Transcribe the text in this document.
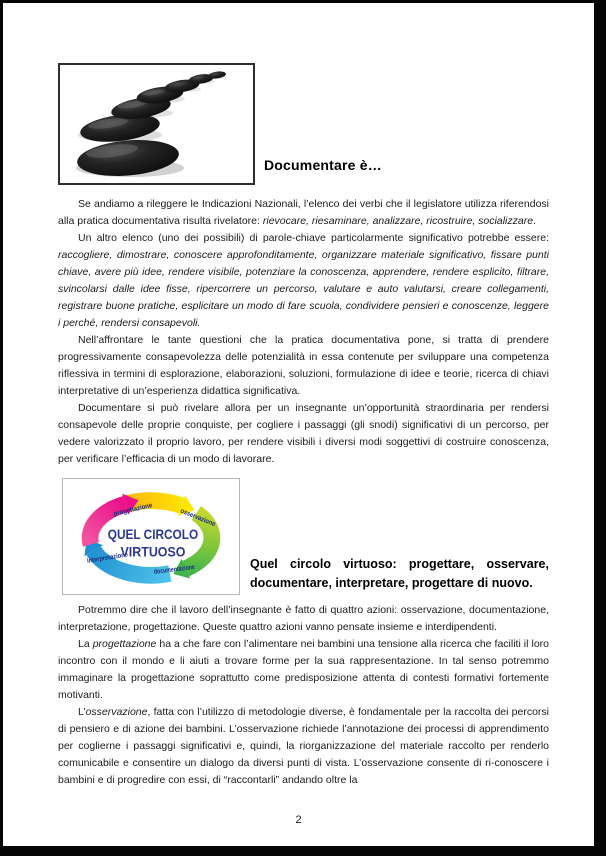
Documentare è…

Se andiamo a rileggere le Indicazioni Nazionali, l’elenco dei verbi che il legislatore utilizza riferendosi alla pratica documentativa risulta rivelatore: rievocare, riesaminare, analizzare, ricostruire, socializzare.

Un altro elenco (uno dei possibili) di parole-chiave particolarmente significativo potrebbe essere: raccogliere, dimostrare, conoscere approfonditamente, organizzare materiale significativo, fissare punti chiave, avere più idee, rendere visibile, potenziare la conoscenza, apprendere, rendere esplicito, filtrare, svincolarsi dalle idee fisse, ripercorrere un percorso, valutare e auto valutarsi, creare collegamenti, registrare buone pratiche, esplicitare un modo di fare scuola, condividere pensieri e conoscenze, leggere i perché, rendersi consapevoli.

Nell’affrontare le tante questioni che la pratica documentativa pone, si tratta di prendere progressivamente consapevolezza delle potenzialità in essa contenute per sviluppare una competenza riflessiva in termini di esplorazione, elaborazioni, soluzioni, formulazione di idee e teorie, ricerca di chiavi interpretative di un’esperienza didattica significativa.

Documentare si può rivelare allora per un insegnante un’opportunità straordinaria per rendersi consapevole delle proprie conquiste, per cogliere i passaggi (gli snodi) significativi di un percorso, per vedere valorizzato il proprio lavoro, per rendere visibili i diversi modi soggettivi di costruire conoscenza, per verificare l’efficacia di un modo di lavorare.

progettazione	osservazione
documentazione
interpretazione
QUEL CIRCOLO
VIRTUOSO
Quel circolo virtuoso: progettare, osservare,
documentare, interpretare, progettare di nuovo.

Potremmo dire che il lavoro dell’insegnante è fatto di quattro azioni: osservazione, documentazione, interpretazione, progettazione. Queste quattro azioni vanno pensate insieme e interdipendenti.

La progettazione ha a che fare con l’alimentare nei bambini una tensione alla ricerca che faciliti il loro incontro con il mondo e li aiuti a trovare forme per la sua rappresentazione. In tal senso potremmo immaginare la progettazione soprattutto come predisposizione attenta di contesti formativi fortemente motivanti.

L’osservazione, fatta con l’utilizzo di metodologie diverse, è fondamentale per la raccolta dei percorsi di pensiero e di azione dei bambini. L’osservazione richiede l’annotazione dei processi di apprendimento per coglierne i passaggi significativi e, quindi, la riorganizzazione del materiale raccolto per renderlo comunicabile e consentire un dialogo da diversi punti di vista. L’osservazione consente di ri-conoscere i bambini e di progredire con essi, di “raccontarli” andando oltre la

2
